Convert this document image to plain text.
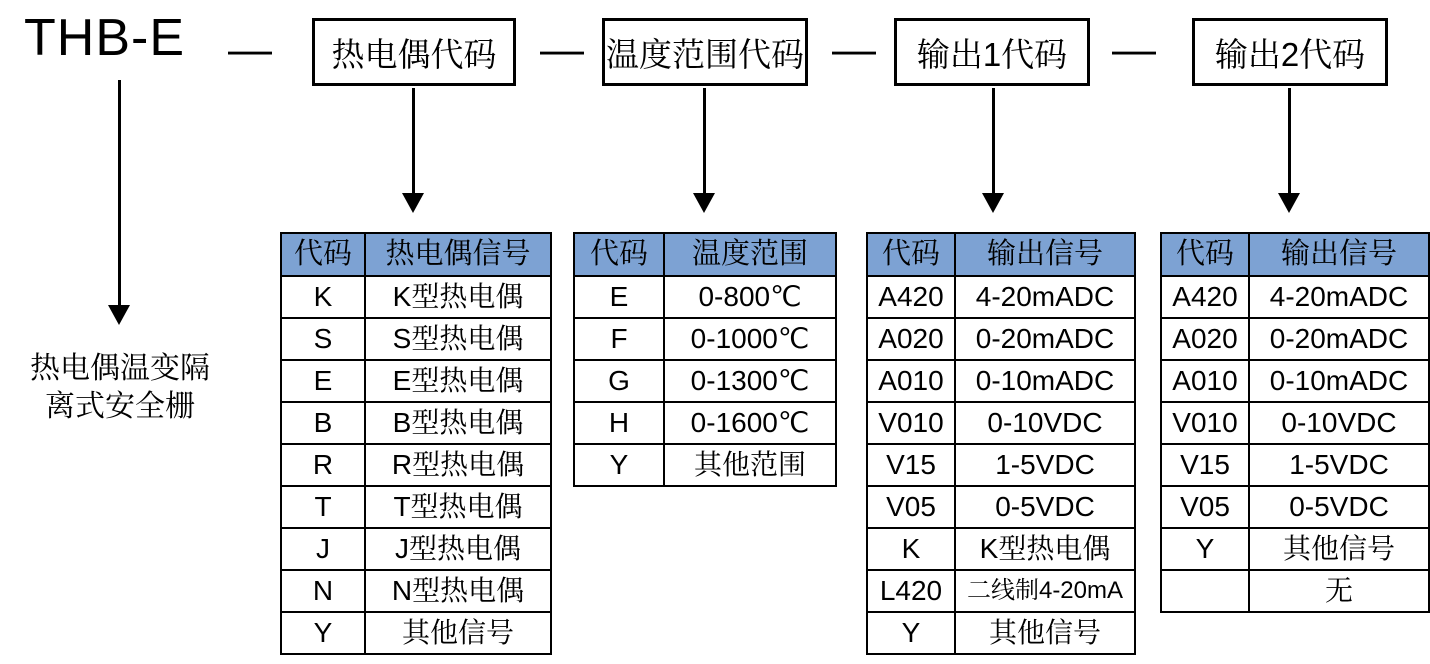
THB-E — 热电偶代码 — 温度范围代码 — 输出1代码 — 输出2代码
热电偶温变隔
离式安全栅
代码	热电偶信号
K	K型热电偶
S	S型热电偶
E	E型热电偶
B	B型热电偶
R	R型热电偶
T	T型热电偶
J	J型热电偶
N	N型热电偶
Y	其他信号
代码	温度范围
E	0-800℃
F	0-1000℃
G	0-1300℃
H	0-1600℃
Y	其他范围
代码	输出信号
A420	4-20mADC
A020	0-20mADC
A010	0-10mADC
V010	0-10VDC
V15	1-5VDC
V05	0-5VDC
K	K型热电偶
L420	二线制4-20mA
Y	其他信号
代码	输出信号
A420	4-20mADC
A020	0-20mADC
A010	0-10mADC
V010	0-10VDC
V15	1-5VDC
V05	0-5VDC
Y	其他信号
	无
